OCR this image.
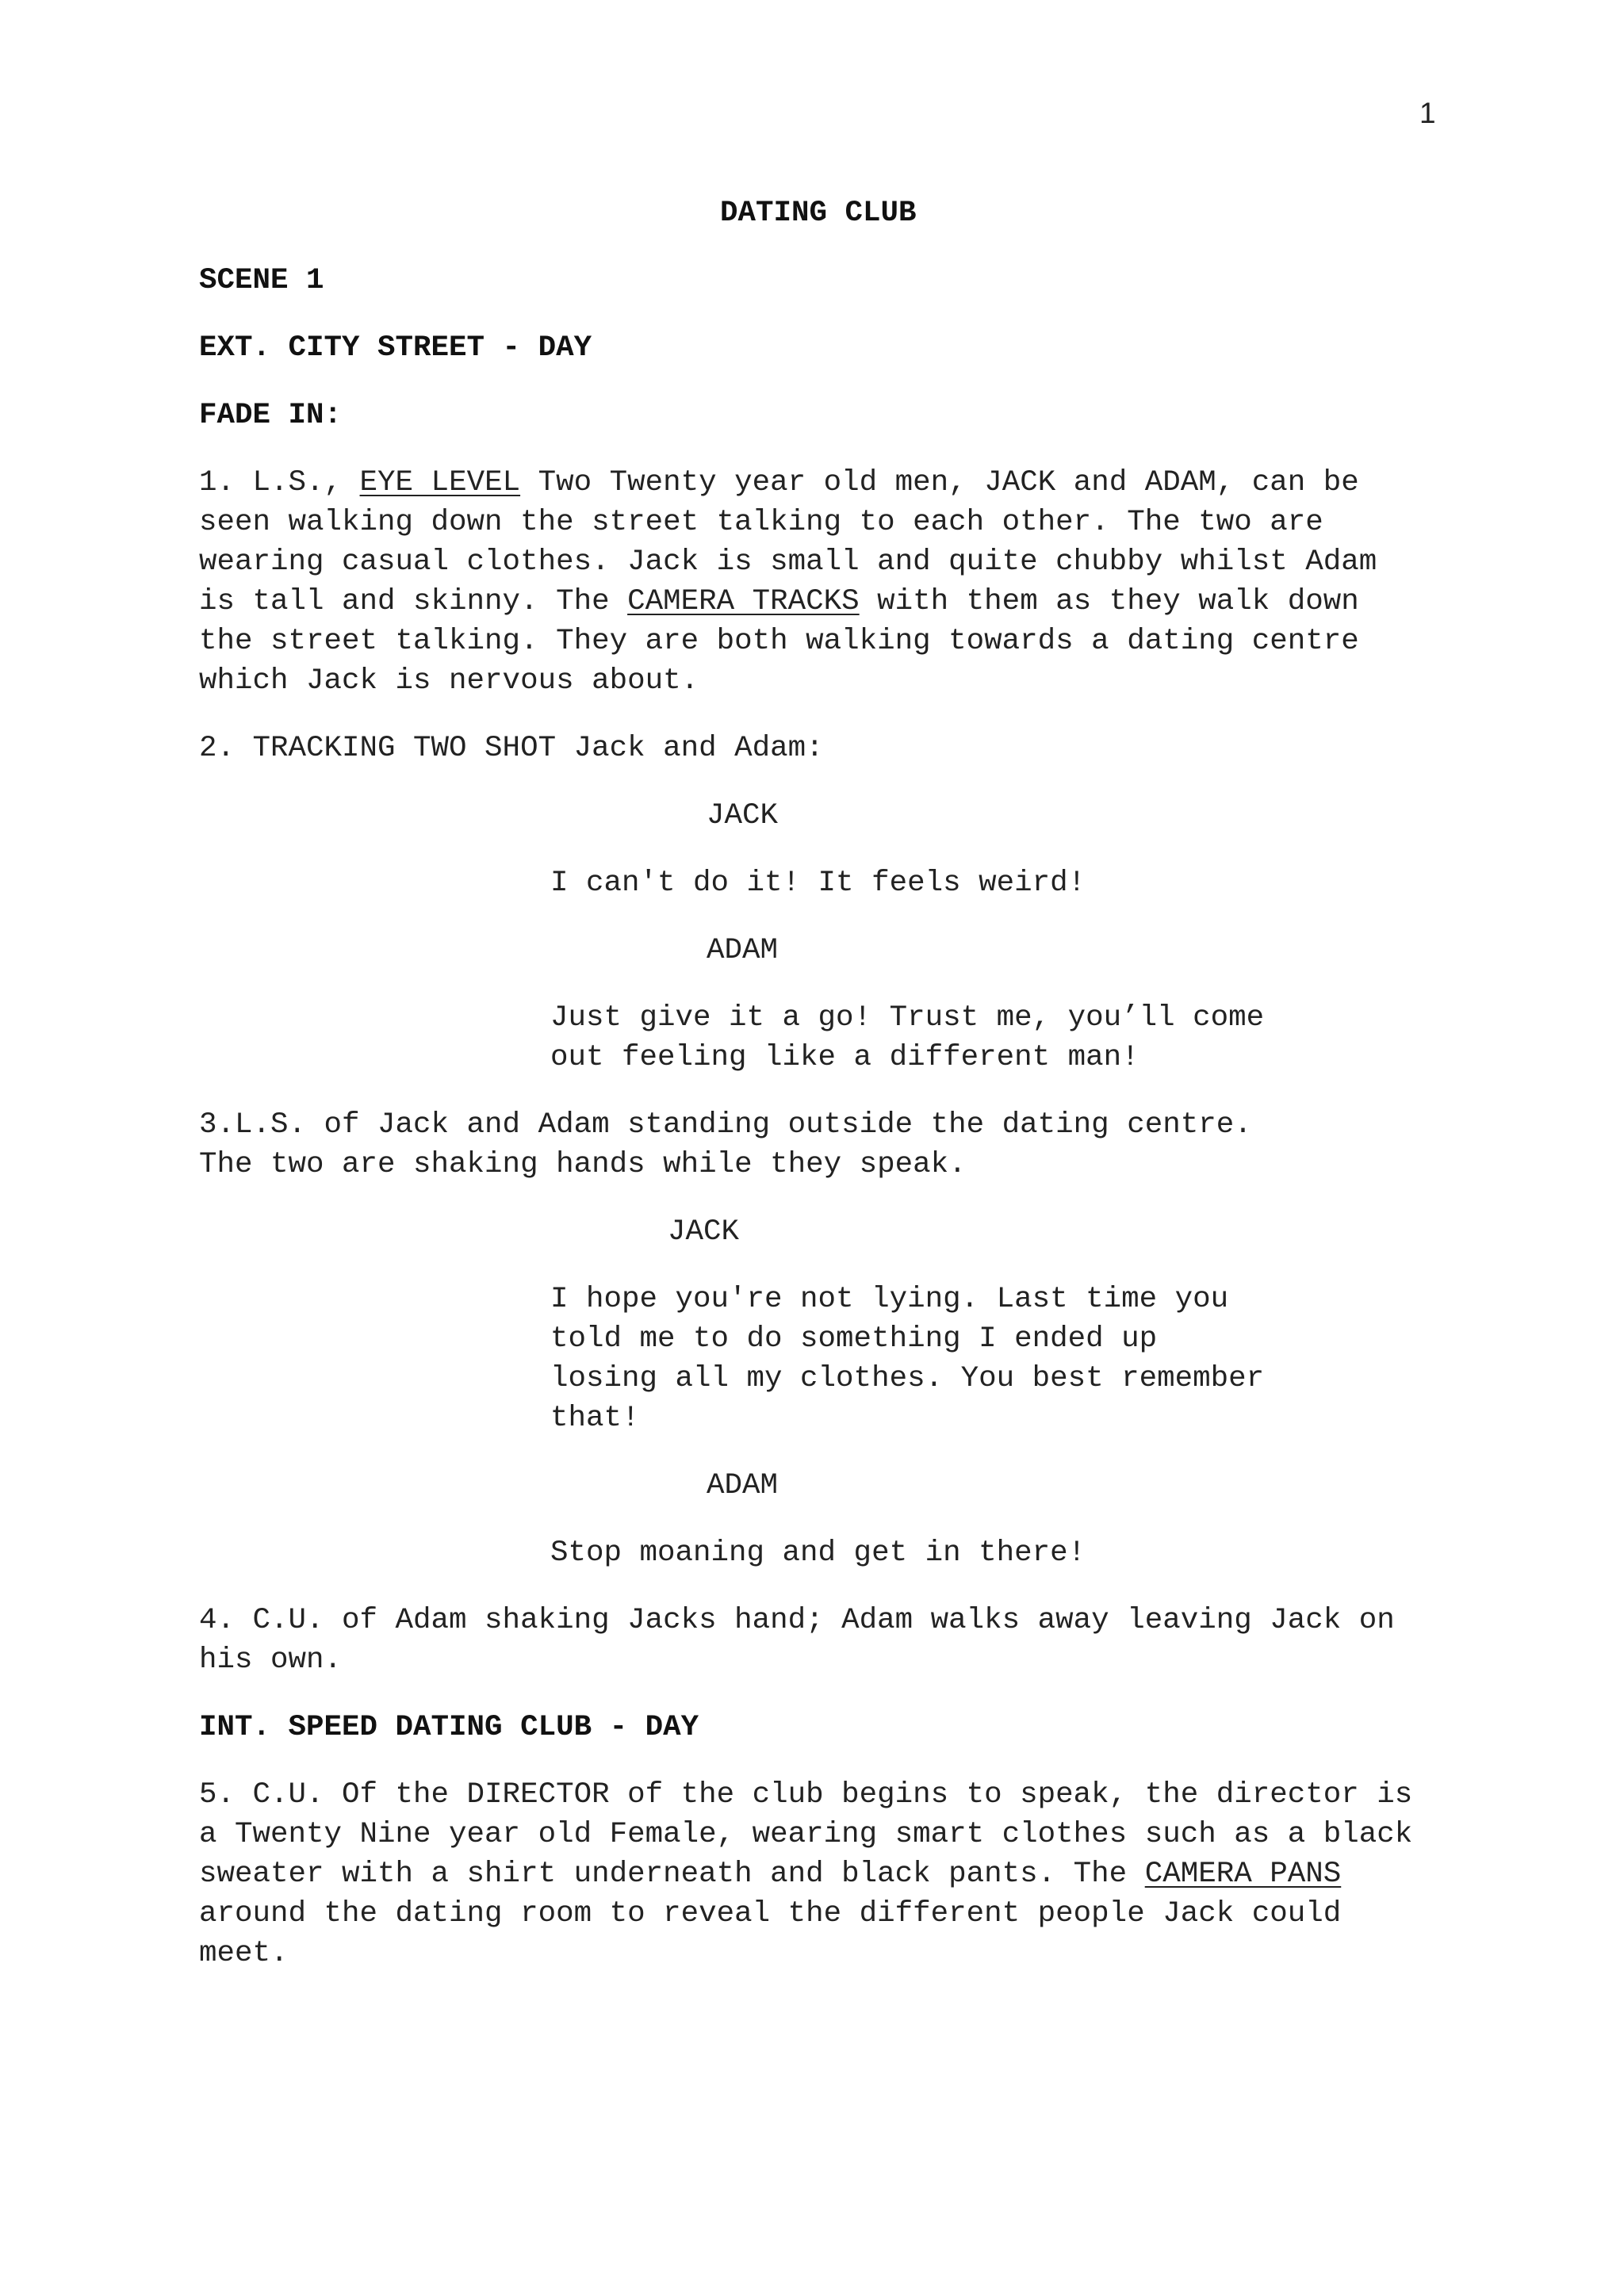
1
DATING CLUB
SCENE 1
EXT. CITY STREET - DAY
FADE IN:
1. L.S., EYE LEVEL Two Twenty year old men, JACK and ADAM, can be
seen walking down the street talking to each other. The two are
wearing casual clothes. Jack is small and quite chubby whilst Adam
is tall and skinny. The CAMERA TRACKS with them as they walk down
the street talking. They are both walking towards a dating centre
which Jack is nervous about.
2. TRACKING TWO SHOT Jack and Adam:
JACK
I can't do it! It feels weird!
ADAM
Just give it a go! Trust me, you’ll come
out feeling like a different man!
3.L.S. of Jack and Adam standing outside the dating centre.
The two are shaking hands while they speak.
JACK
I hope you're not lying. Last time you
told me to do something I ended up
losing all my clothes. You best remember
that!
ADAM
Stop moaning and get in there!
4. C.U. of Adam shaking Jacks hand; Adam walks away leaving Jack on
his own.
INT. SPEED DATING CLUB - DAY
5. C.U. Of the DIRECTOR of the club begins to speak, the director is
a Twenty Nine year old Female, wearing smart clothes such as a black
sweater with a shirt underneath and black pants. The CAMERA PANS
around the dating room to reveal the different people Jack could
meet.
